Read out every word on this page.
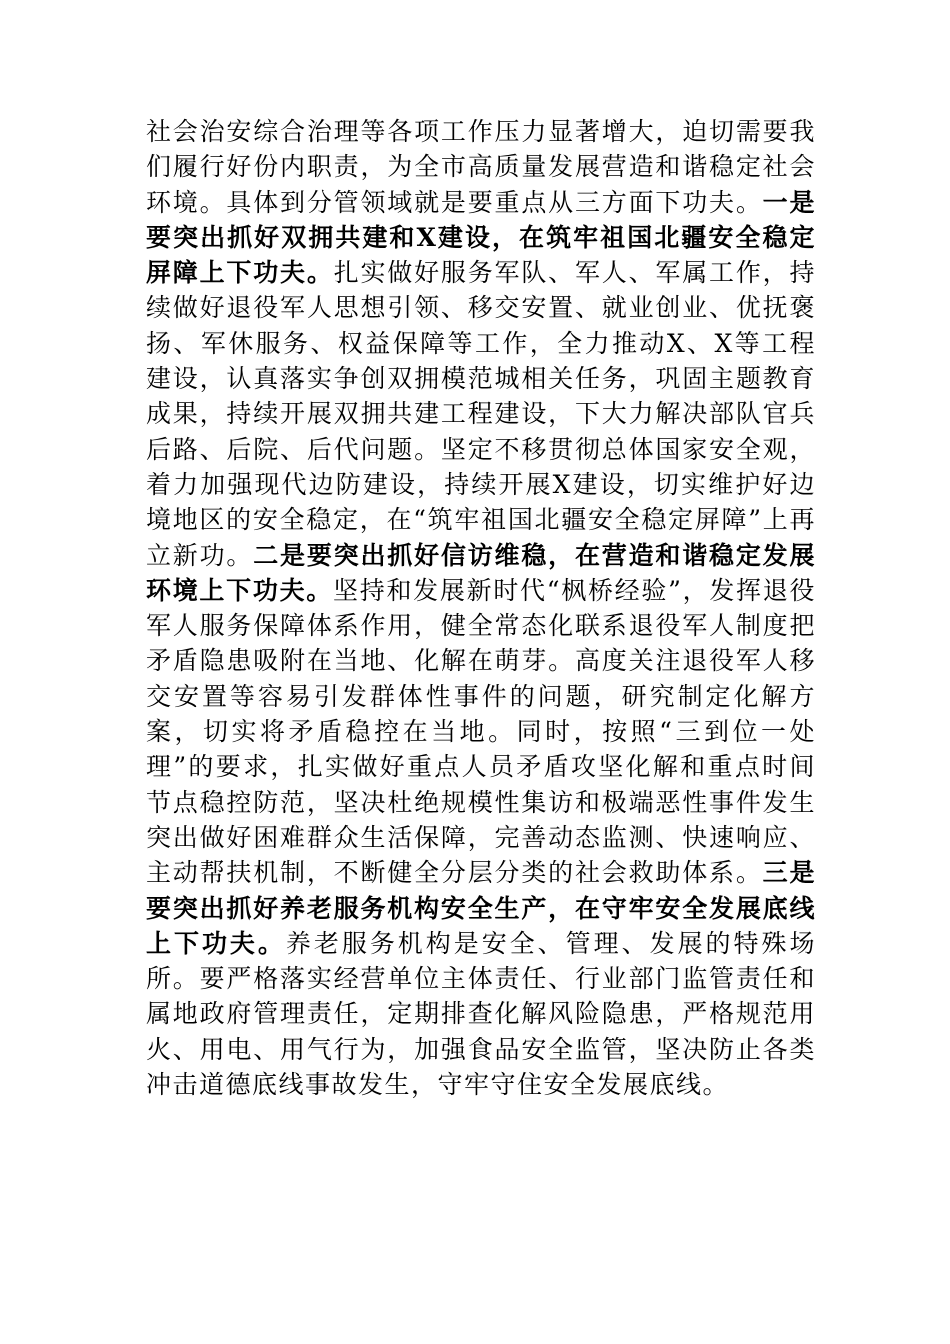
社会治安综合治理等各项工作压力显著增大，迫切需要我们履行好份内职责，为全市高质量发展营造和谐稳定社会环境。具体到分管领域就是要重点从三方面下功夫。一是要突出抓好双拥共建和X建设，在筑牢祖国北疆安全稳定屏障上下功夫。扎实做好服务军队、军人、军属工作，持续做好退役军人思想引领、移交安置、就业创业、优抚褒扬、军休服务、权益保障等工作，全力推动X、X等工程建设，认真落实争创双拥模范城相关任务，巩固主题教育成果，持续开展双拥共建工程建设，下大力解决部队官兵后路、后院、后代问题。坚定不移贯彻总体国家安全观，着力加强现代边防建设，持续开展X建设，切实维护好边境地区的安全稳定，在“筑牢祖国北疆安全稳定屏障”上再立新功。二是要突出抓好信访维稳，在营造和谐稳定发展环境上下功夫。坚持和发展新时代“枫桥经验”，发挥退役军人服务保障体系作用，健全常态化联系退役军人制度把矛盾隐患吸附在当地、化解在萌芽。高度关注退役军人移交安置等容易引发群体性事件的问题，研究制定化解方案，切实将矛盾稳控在当地。同时，按照“三到位一处理”的要求，扎实做好重点人员矛盾攻坚化解和重点时间节点稳控防范，坚决杜绝规模性集访和极端恶性事件发生突出做好困难群众生活保障，完善动态监测、快速响应、主动帮扶机制，不断健全分层分类的社会救助体系。三是要突出抓好养老服务机构安全生产，在守牢安全发展底线上下功夫。养老服务机构是安全、管理、发展的特殊场所。要严格落实经营单位主体责任、行业部门监管责任和属地政府管理责任，定期排查化解风险隐患，严格规范用火、用电、用气行为，加强食品安全监管，坚决防止各类冲击道德底线事故发生，守牢守住安全发展底线。
